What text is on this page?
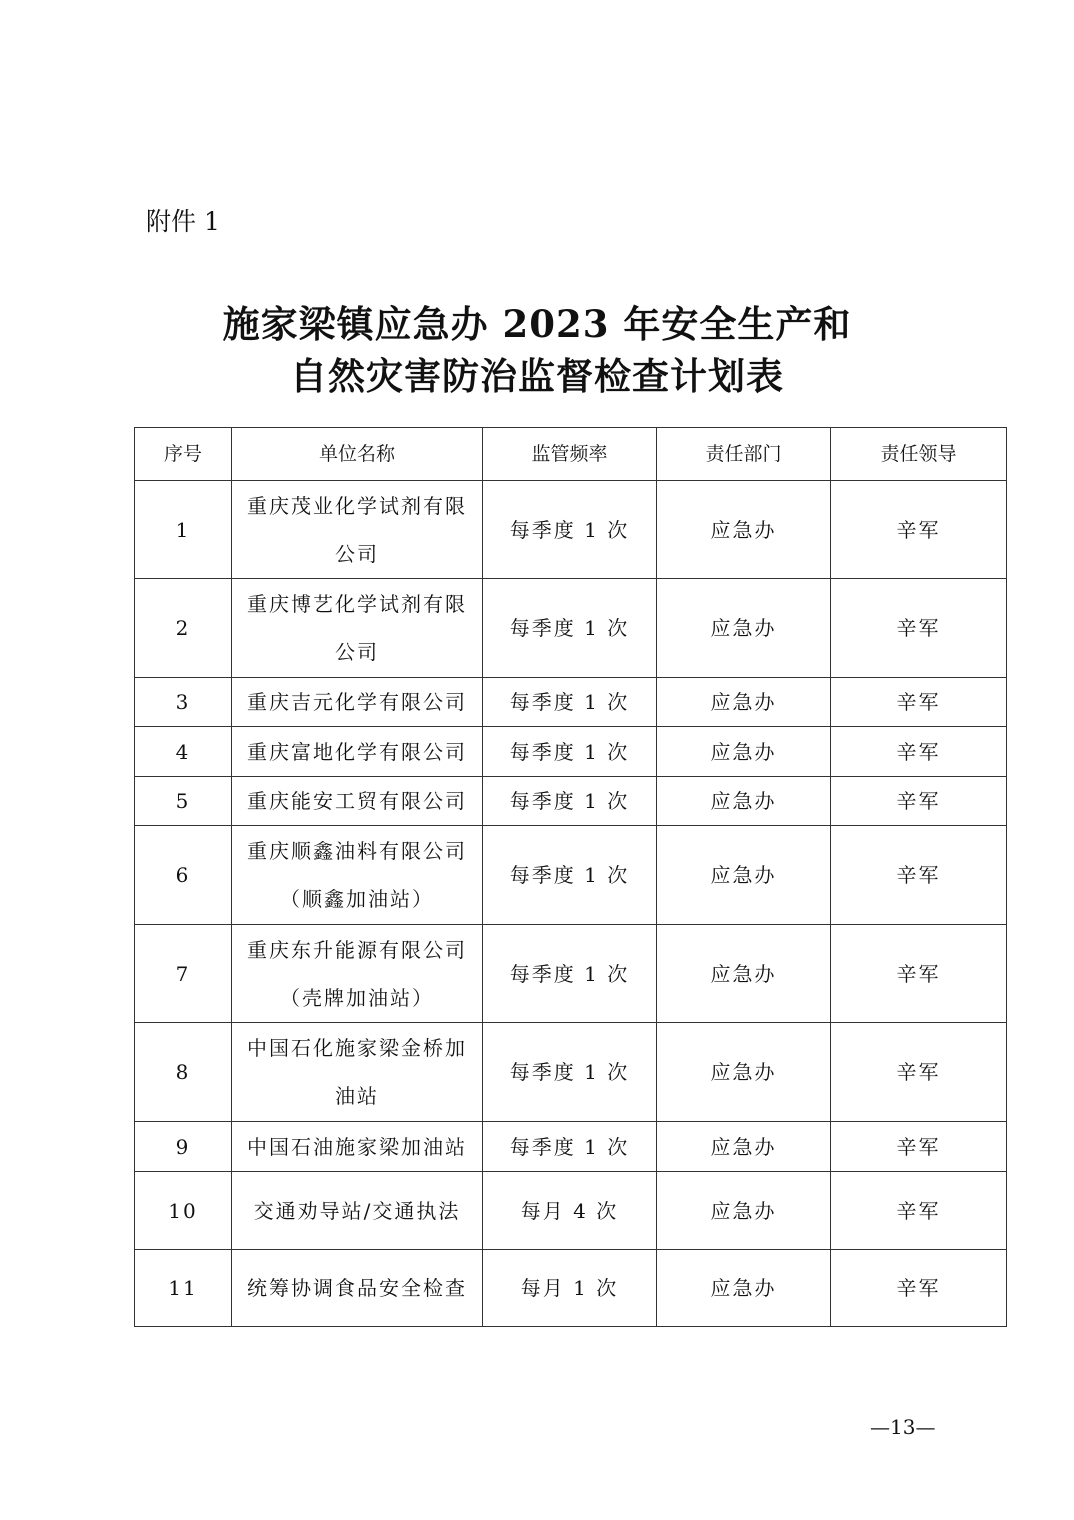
附件 1
施家梁镇应急办 2023 年安全生产和
自然灾害防治监督检查计划表
序号	单位名称	监管频率	责任部门	责任领导
1	重庆茂业化学试剂有限公司	每季度 1 次	应急办	辛军
2	重庆博艺化学试剂有限公司	每季度 1 次	应急办	辛军
3	重庆吉元化学有限公司	每季度 1 次	应急办	辛军
4	重庆富地化学有限公司	每季度 1 次	应急办	辛军
5	重庆能安工贸有限公司	每季度 1 次	应急办	辛军
6	重庆顺鑫油料有限公司（顺鑫加油站）	每季度 1 次	应急办	辛军
7	重庆东升能源有限公司（壳牌加油站）	每季度 1 次	应急办	辛军
8	中国石化施家梁金桥加油站	每季度 1 次	应急办	辛军
9	中国石油施家梁加油站	每季度 1 次	应急办	辛军
10	交通劝导站/交通执法	每月 4 次	应急办	辛军
11	统筹协调食品安全检查	每月 1 次	应急办	辛军
—13—
